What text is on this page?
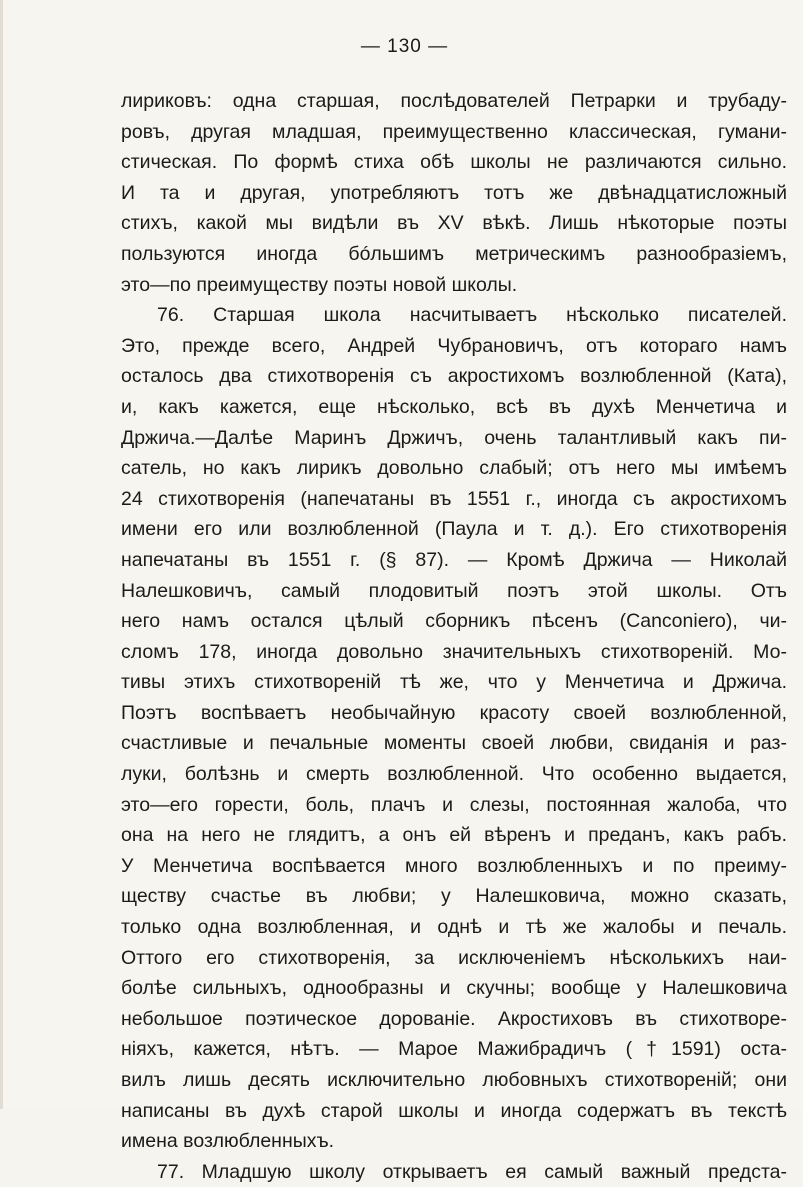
— 130 —
лириковъ: одна старшая, послѣдователей Петрарки и трубаду-
ровъ, другая младшая, преимущественно классическая, гумани-
стическая. По формѣ стиха обѣ школы не различаются сильно.
И та и другая, употребляютъ тотъ же двѣнадцатисложный
стихъ, какой мы видѣли въ XV вѣкѣ. Лишь нѣкоторые поэты
пользуются иногда бóльшимъ метрическимъ разнообразіемъ,
это—по преимуществу поэты новой школы.
76. Старшая школа насчитываетъ нѣсколько писателей.
Это, прежде всего, Андрей Чубрановичъ, отъ котораго намъ
осталось два стихотворенія съ акростихомъ возлюбленной (Ката),
и, какъ кажется, еще нѣсколько, всѣ въ духѣ Менчетича и
Држича.—Далѣе Маринъ Држичъ, очень талантливый какъ пи-
сатель, но какъ лирикъ довольно слабый; отъ него мы имѣемъ
24 стихотворенія (напечатаны въ 1551 г., иногда съ акростихомъ
имени его или возлюбленной (Паула и т. д.). Его стихотворенія
напечатаны въ 1551 г. (§ 87). — Кромѣ Држича — Николай
Налешковичъ, самый плодовитый поэтъ этой школы. Отъ
него намъ остался цѣлый сборникъ пѣсенъ (Canconiero), чи-
сломъ 178, иногда довольно значительныхъ стихотвореній. Мо-
тивы этихъ стихотвореній тѣ же, что у Менчетича и Држича.
Поэтъ воспѣваетъ необычайную красоту своей возлюбленной,
счастливые и печальные моменты своей любви, свиданія и раз-
луки, болѣзнь и смерть возлюбленной. Что особенно выдается,
это—его горести, боль, плачъ и слезы, постоянная жалоба, что
она на него не глядитъ, а онъ ей вѣренъ и преданъ, какъ рабъ.
У Менчетича воспѣвается много возлюбленныхъ и по преиму-
ществу счастье въ любви; у Налешковича, можно сказать,
только одна возлюбленная, и однѣ и тѣ же жалобы и печаль.
Оттого его стихотворенія, за исключеніемъ нѣсколькихъ наи-
болѣе сильныхъ, однообразны и скучны; вообще у Налешковича
небольшое поэтическое дорованіе. Акростиховъ въ стихотворе-
ніяхъ, кажется, нѣтъ. — Мароe Мажибрадичъ (†1591) оста-
вилъ лишь десять исключительно любовныхъ стихотвореній; они
написаны въ духѣ старой школы и иногда содержатъ въ текстѣ
имена возлюбленныхъ.
77. Младшую школу открываетъ ея самый важный предста-
